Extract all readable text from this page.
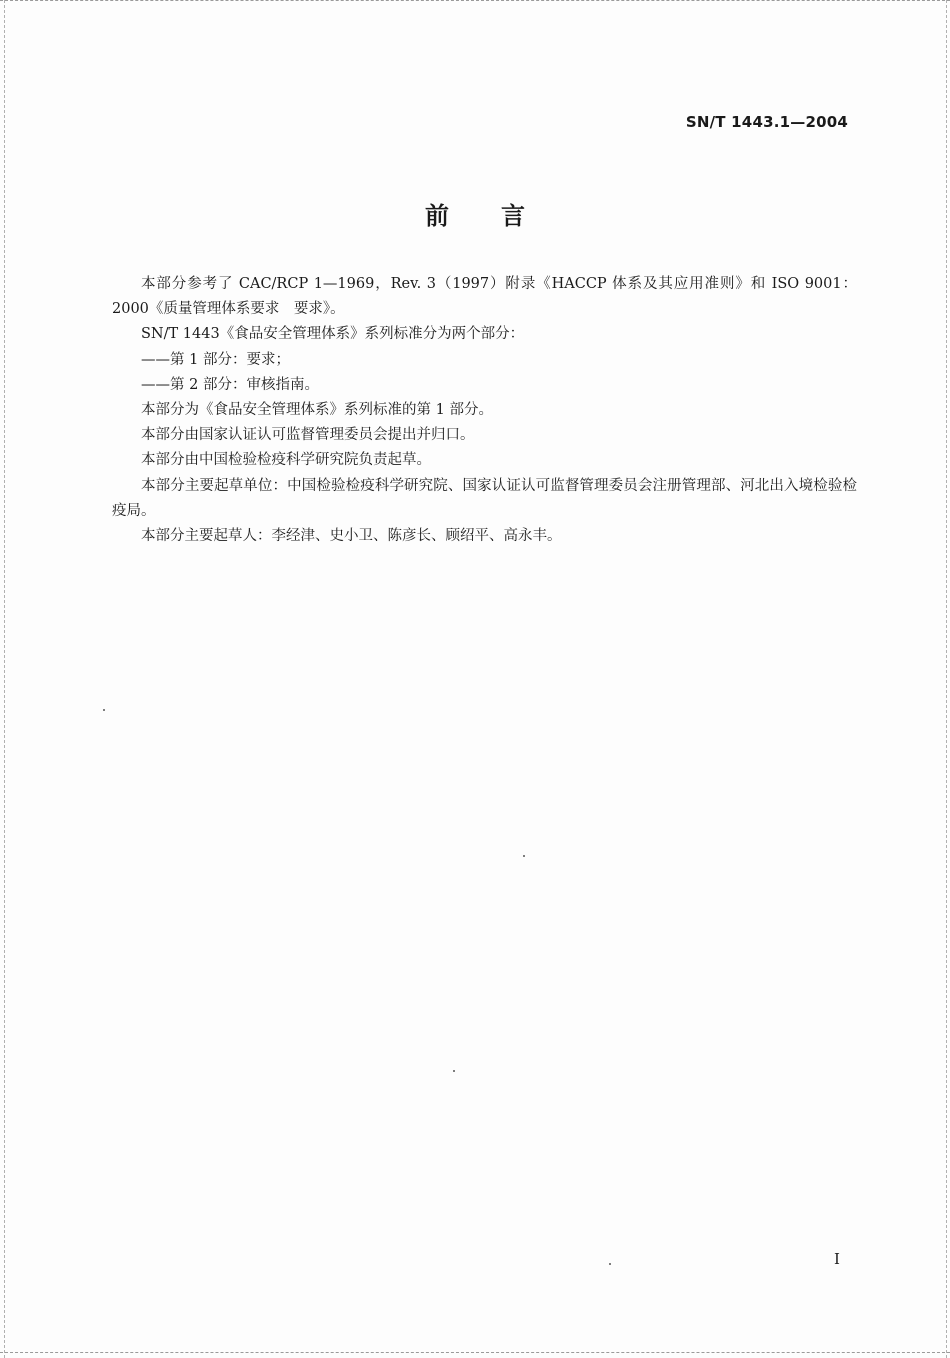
SN/T 1443.1—2004
前言

本部分参考了 CAC/RCP 1—1969，Rev. 3（1997）附录《HACCP 体系及其应用准则》和 ISO 9001：2000《质量管理体系要求　要求》。

SN/T 1443《食品安全管理体系》系列标准分为两个部分：

——第 1 部分：要求；

——第 2 部分：审核指南。

本部分为《食品安全管理体系》系列标准的第 1 部分。

本部分由国家认证认可监督管理委员会提出并归口。

本部分由中国检验检疫科学研究院负责起草。

本部分主要起草单位：中国检验检疫科学研究院、国家认证认可监督管理委员会注册管理部、河北出入境检验检疫局。

本部分主要起草人：李经津、史小卫、陈彦长、顾绍平、高永丰。

I
